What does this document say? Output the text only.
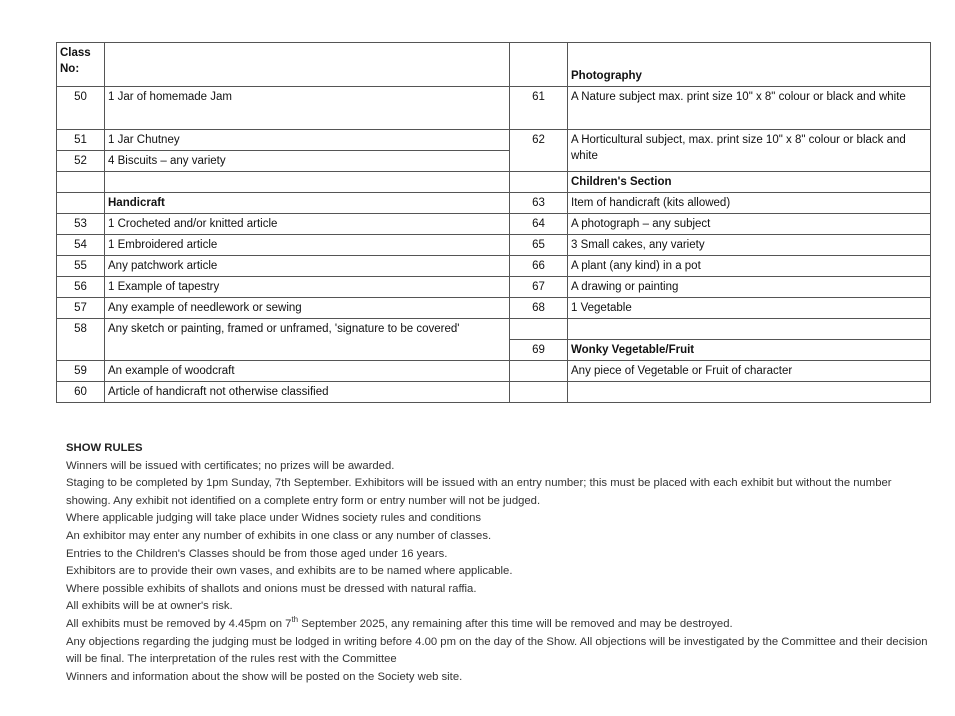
Class No:			Photography
50	1 Jar of homemade Jam	61	A Nature subject max. print size 10" x 8" colour or black and white
51	1 Jar Chutney	62	A Horticultural subject, max. print size 10" x 8" colour or black and white
52	4 Biscuits – any variety		
			Children's Section
	Handicraft	63	Item of handicraft (kits allowed)
53	1 Crocheted and/or knitted article	64	A photograph – any subject
54	1 Embroidered article	65	3 Small cakes, any variety
55	Any patchwork article	66	A plant (any kind) in a pot
56	1 Example of tapestry	67	A drawing or painting
57	Any example of needlework or sewing	68	1 Vegetable
58	Any sketch or painting, framed or unframed, 'signature to be covered'		
		69	Wonky Vegetable/Fruit
59	An example of woodcraft		Any piece of Vegetable or Fruit of character
60	Article of handicraft not otherwise classified		
SHOW RULES
Winners will be issued with certificates; no prizes will be awarded.
Staging to be completed by 1pm Sunday, 7th September. Exhibitors will be issued with an entry number; this must be placed with each exhibit but without the number showing. Any exhibit not identified on a complete entry form or entry number will not be judged.
Where applicable judging will take place under Widnes society rules and conditions
An exhibitor may enter any number of exhibits in one class or any number of classes.
Entries to the Children's Classes should be from those aged under 16 years.
Exhibitors are to provide their own vases, and exhibits are to be named where applicable.
Where possible exhibits of shallots and onions must be dressed with natural raffia.
All exhibits will be at owner's risk.
All exhibits must be removed by 4.45pm on 7th September 2025, any remaining after this time will be removed and may be destroyed.
Any objections regarding the judging must be lodged in writing before 4.00 pm on the day of the Show. All objections will be investigated by the Committee and their decision will be final. The interpretation of the rules rest with the Committee
Winners and information about the show will be posted on the Society web site.
